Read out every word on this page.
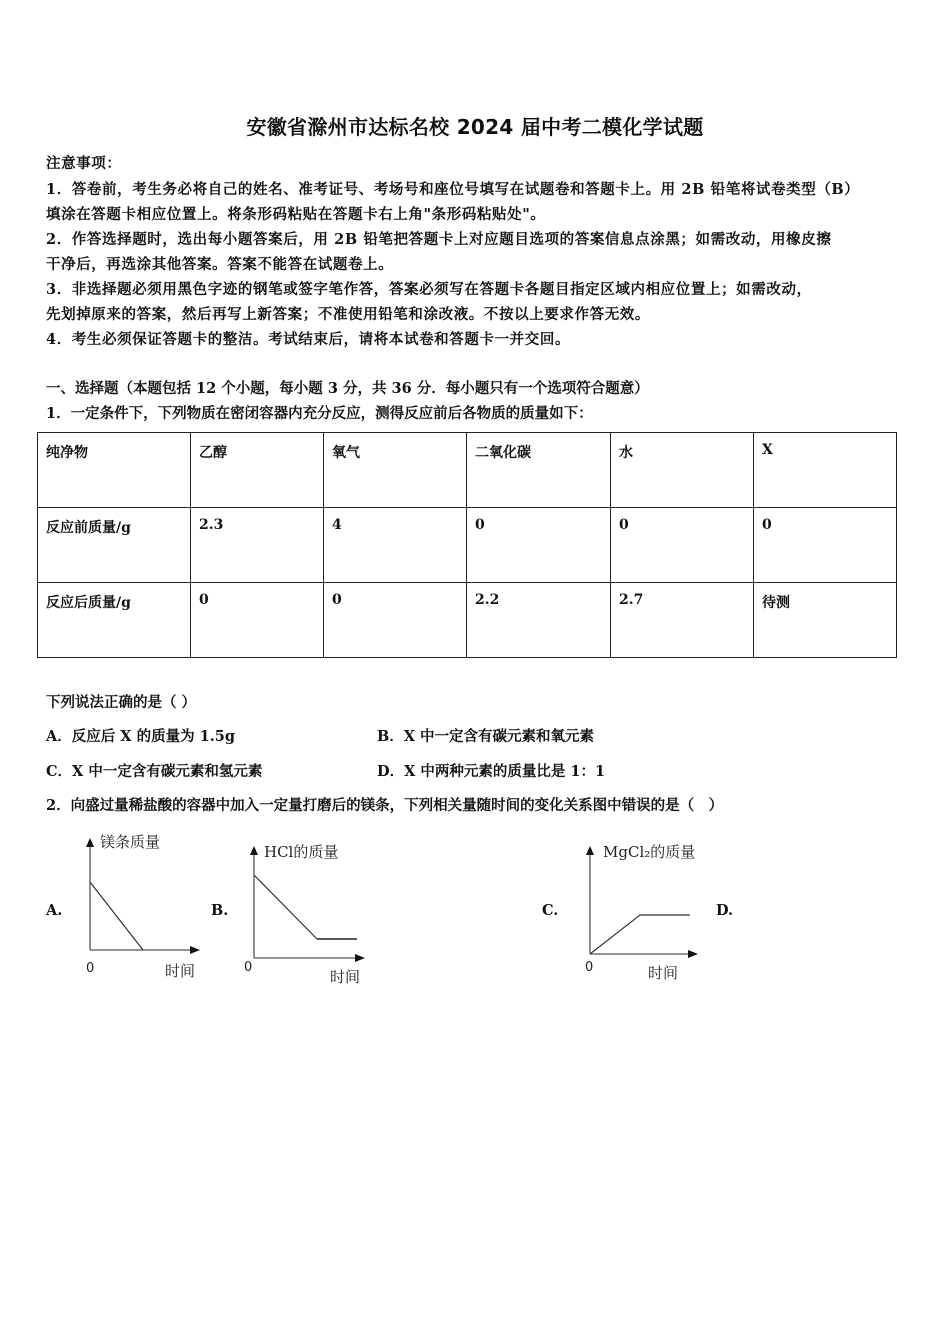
安徽省滁州市达标名校 2024 届中考二模化学试题
注意事项：
1．答卷前，考生务必将自己的姓名、准考证号、考场号和座位号填写在试题卷和答题卡上。用 2B 铅笔将试卷类型（B）
填涂在答题卡相应位置上。将条形码粘贴在答题卡右上角"条形码粘贴处"。
2．作答选择题时，选出每小题答案后，用 2B 铅笔把答题卡上对应题目选项的答案信息点涂黑；如需改动，用橡皮擦
干净后，再选涂其他答案。答案不能答在试题卷上。
3．非选择题必须用黑色字迹的钢笔或签字笔作答，答案必须写在答题卡各题目指定区域内相应位置上；如需改动，
先划掉原来的答案，然后再写上新答案；不准使用铅笔和涂改液。不按以上要求作答无效。
4．考生必须保证答题卡的整洁。考试结束后，请将本试卷和答题卡一并交回。
一、选择题（本题包括 12 个小题，每小题 3 分，共 36 分．每小题只有一个选项符合题意）
1．一定条件下，下列物质在密闭容器内充分反应，测得反应前后各物质的质量如下：
纯净物	乙醇	氧气	二氧化碳	水	X
反应前质量/g	2.3	4	0	0	0
反应后质量/g	0	0	2.2	2.7	待测
下列说法正确的是（ ）
A．反应后 X 的质量为 1.5g	B．X 中一定含有碳元素和氧元素
C．X 中一定含有碳元素和氢元素	D．X 中两种元素的质量比是 1：1
2．向盛过量稀盐酸的容器中加入一定量打磨后的镁条，下列相关量随时间的变化关系图中错误的是（　）
A.
镁条质量
0	时间
B.
HCl的质量
0
时间
C.
MgCl₂的质量
0	时间
D.
